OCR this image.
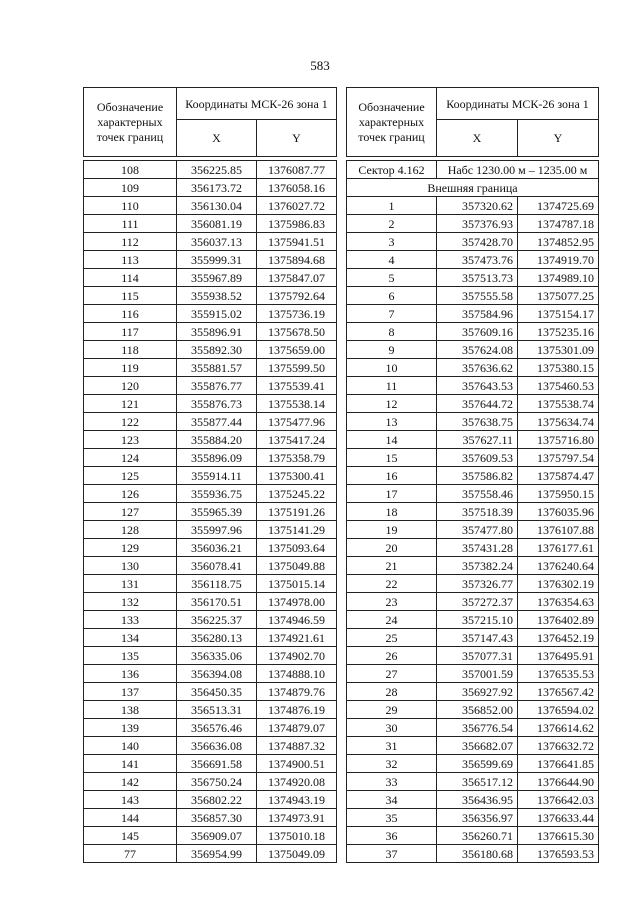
583
Обозначение характерных точек границ	Координаты МСК-26 зона 1	
	X	Y

108	356225.85	1376087.77
109	356173.72	1376058.16
110	356130.04	1376027.72
111	356081.19	1375986.83
112	356037.13	1375941.51
113	355999.31	1375894.68
114	355967.89	1375847.07
115	355938.52	1375792.64
116	355915.02	1375736.19
117	355896.91	1375678.50
118	355892.30	1375659.00
119	355881.57	1375599.50
120	355876.77	1375539.41
121	355876.73	1375538.14
122	355877.44	1375477.96
123	355884.20	1375417.24
124	355896.09	1375358.79
125	355914.11	1375300.41
126	355936.75	1375245.22
127	355965.39	1375191.26
128	355997.96	1375141.29
129	356036.21	1375093.64
130	356078.41	1375049.88
131	356118.75	1375015.14
132	356170.51	1374978.00
133	356225.37	1374946.59
134	356280.13	1374921.61
135	356335.06	1374902.70
136	356394.08	1374888.10
137	356450.35	1374879.76
138	356513.31	1374876.19
139	356576.46	1374879.07
140	356636.08	1374887.32
141	356691.58	1374900.51
142	356750.24	1374920.08
143	356802.22	1374943.19
144	356857.30	1374973.91
145	356909.07	1375010.18
77	356954.99	1375049.09
Обозначение характерных точек границ	Координаты МСК-26 зона 1	
	X	Y

Сектор 4.162	Набс 1230.00 м – 1235.00 м	
Внешняя граница		
1	357320.62	1374725.69
2	357376.93	1374787.18
3	357428.70	1374852.95
4	357473.76	1374919.70
5	357513.73	1374989.10
6	357555.58	1375077.25
7	357584.96	1375154.17
8	357609.16	1375235.16
9	357624.08	1375301.09
10	357636.62	1375380.15
11	357643.53	1375460.53
12	357644.72	1375538.74
13	357638.75	1375634.74
14	357627.11	1375716.80
15	357609.53	1375797.54
16	357586.82	1375874.47
17	357558.46	1375950.15
18	357518.39	1376035.96
19	357477.80	1376107.88
20	357431.28	1376177.61
21	357382.24	1376240.64
22	357326.77	1376302.19
23	357272.37	1376354.63
24	357215.10	1376402.89
25	357147.43	1376452.19
26	357077.31	1376495.91
27	357001.59	1376535.53
28	356927.92	1376567.42
29	356852.00	1376594.02
30	356776.54	1376614.62
31	356682.07	1376632.72
32	356599.69	1376641.85
33	356517.12	1376644.90
34	356436.95	1376642.03
35	356356.97	1376633.44
36	356260.71	1376615.30
37	356180.68	1376593.53
